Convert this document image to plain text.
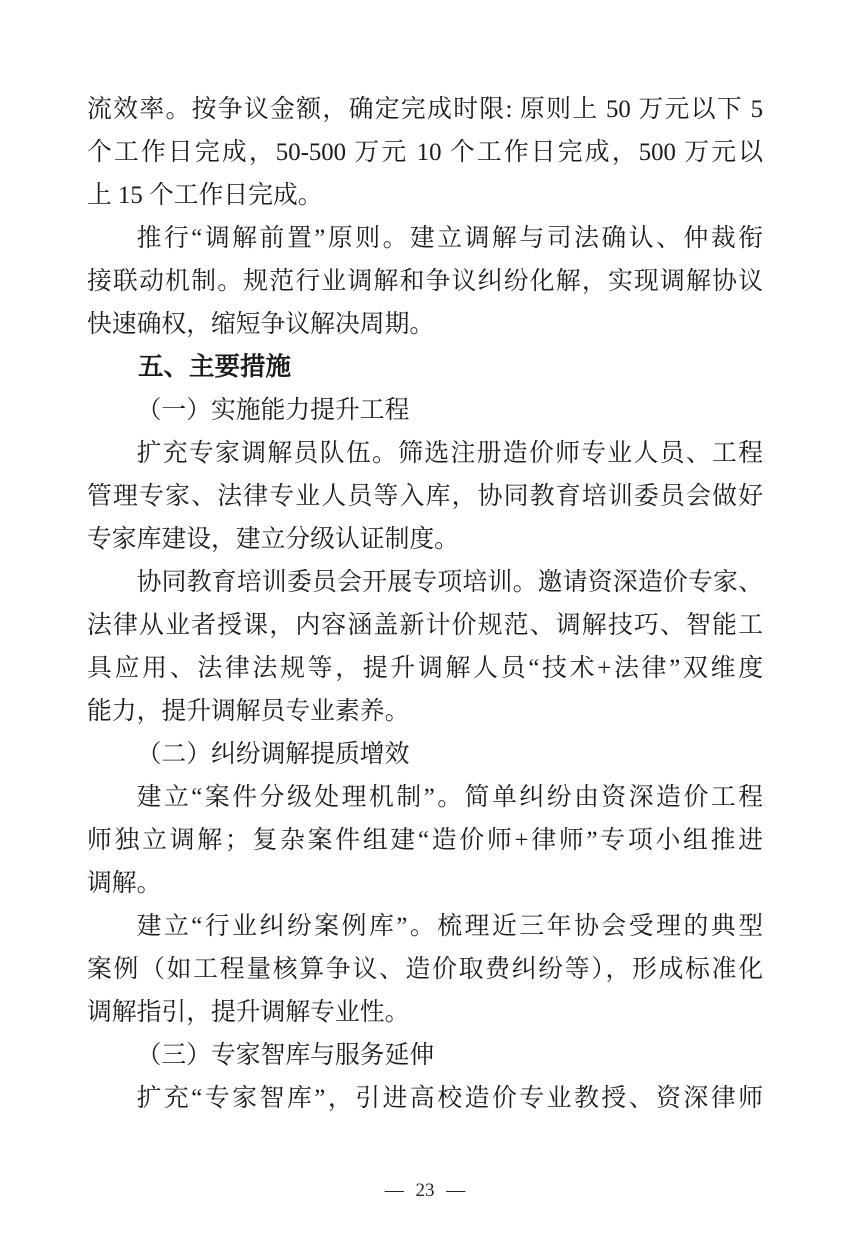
流效率。按争议金额，确定完成时限: 原则上 50 万元以下 5
个工作日完成，50-500 万元 10 个工作日完成，500 万元以
上 15 个工作日完成。
推行“调解前置”原则。建立调解与司法确认、仲裁衔
接联动机制。规范行业调解和争议纠纷化解，实现调解协议
快速确权，缩短争议解决周期。
五、主要措施
（一）实施能力提升工程
扩充专家调解员队伍。筛选注册造价师专业人员、工程
管理专家、法律专业人员等入库，协同教育培训委员会做好
专家库建设，建立分级认证制度。
协同教育培训委员会开展专项培训。邀请资深造价专家、
法律从业者授课，内容涵盖新计价规范、调解技巧、智能工
具应用、法律法规等，提升调解人员“技术+法律”双维度
能力，提升调解员专业素养。
（二）纠纷调解提质增效
建立“案件分级处理机制”。简单纠纷由资深造价工程
师独立调解；复杂案件组建“造价师+律师”专项小组推进
调解。
建立“行业纠纷案例库”。梳理近三年协会受理的典型
案例（如工程量核算争议、造价取费纠纷等），形成标准化
调解指引，提升调解专业性。
（三）专家智库与服务延伸
扩充“专家智库”，引进高校造价专业教授、资深律师
— 23 —
